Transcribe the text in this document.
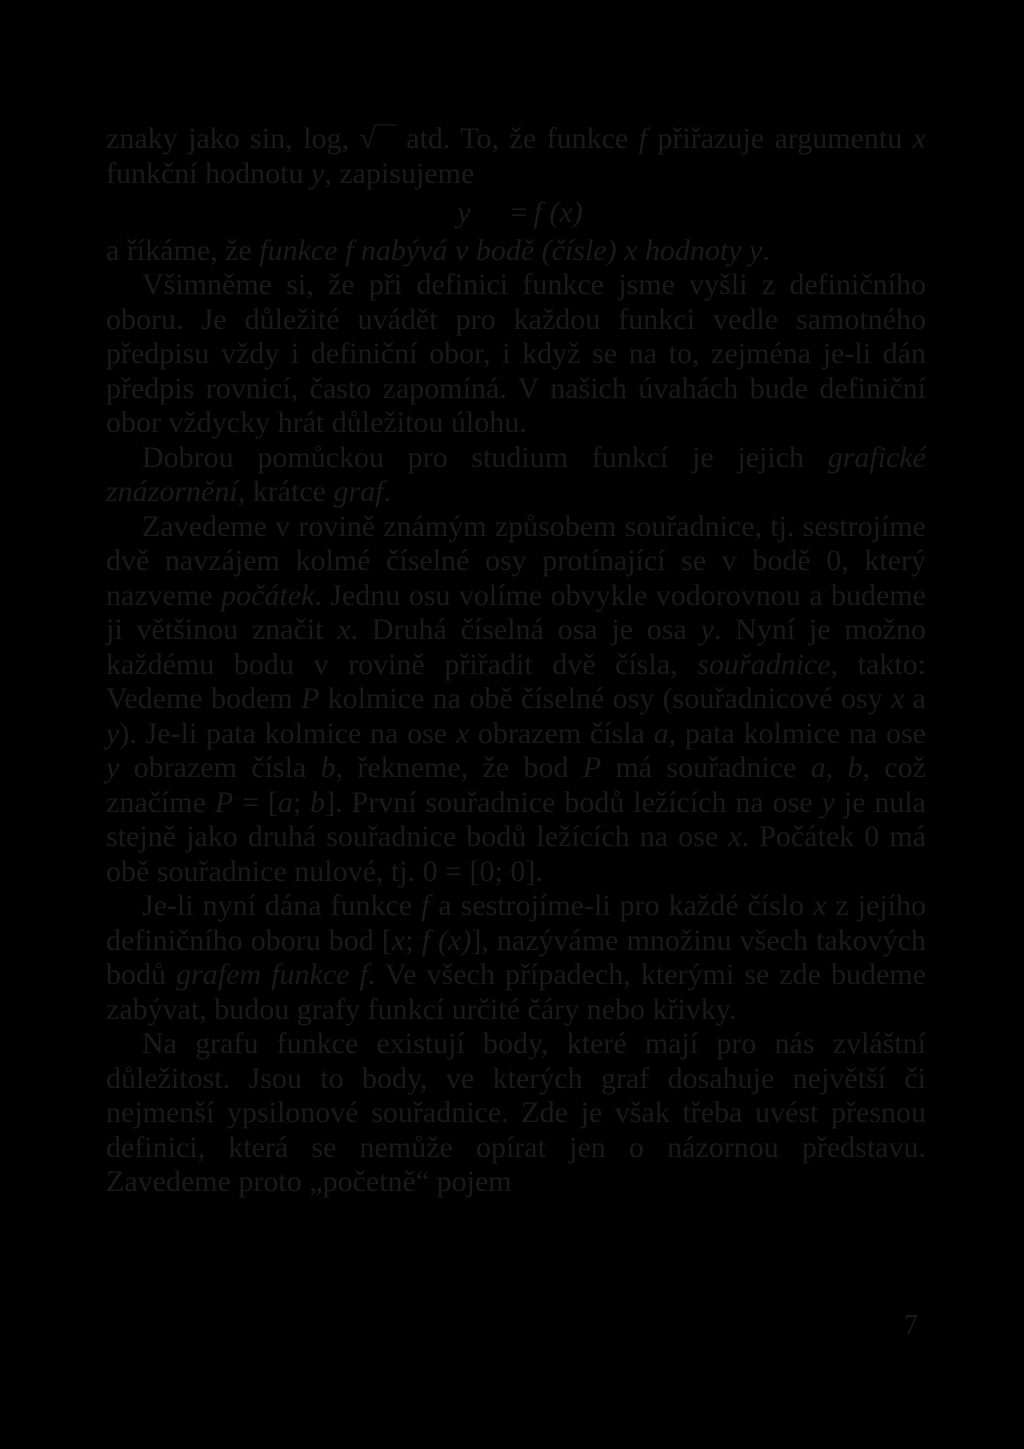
znaky jako sin, log, √‾‾ atd. To, že funkce f přiřazuje argumentu x funkční hodnotu y, zapisujeme

y = f (x)

a říkáme, že funkce f nabývá v bodě (čísle) x hodnoty y.

Všimněme si, že při definici funkce jsme vyšli z definičního oboru. Je důležité uvádět pro každou funkci vedle samotného předpisu vždy i definiční obor, i když se na to, zejména je-li dán předpis rovnicí, často zapomíná. V našich úvahách bude definiční obor vždycky hrát důležitou úlohu.

Dobrou pomůckou pro studium funkcí je jejich grafické znázornění, krátce graf.

Zavedeme v rovině známým způsobem souřadnice, tj. sestrojíme dvě navzájem kolmé číselné osy protínající se v bodě 0, který nazveme počátek. Jednu osu volíme obvykle vodorovnou a budeme ji většinou značit x. Druhá číselná osa je osa y. Nyní je možno každému bodu v rovině přiřadit dvě čísla, souřadnice, takto: Vedeme bodem P kolmice na obě číselné osy (souřadnicové osy x a y). Je-li pata kolmice na ose x obrazem čísla a, pata kolmice na ose y obrazem čísla b, řekneme, že bod P má souřadnice a, b, což značíme P = [a; b]. První souřadnice bodů ležících na ose y je nula stejně jako druhá souřadnice bodů ležících na ose x. Počátek 0 má obě souřadnice nulové, tj. 0 = [0; 0].

Je-li nyní dána funkce f a sestrojíme-li pro každé číslo x z jejího definičního oboru bod [x; f (x)], nazýváme množinu všech takových bodů grafem funkce f. Ve všech případech, kterými se zde budeme zabývat, budou grafy funkcí určité čáry nebo křivky.

Na grafu funkce existují body, které mají pro nás zvláštní důležitost. Jsou to body, ve kterých graf dosahuje největší či nejmenší ypsilonové souřadnice. Zde je však třeba uvést přesnou definici, která se nemůže opírat jen o názornou představu. Zavedeme proto „početně“ pojem

7
